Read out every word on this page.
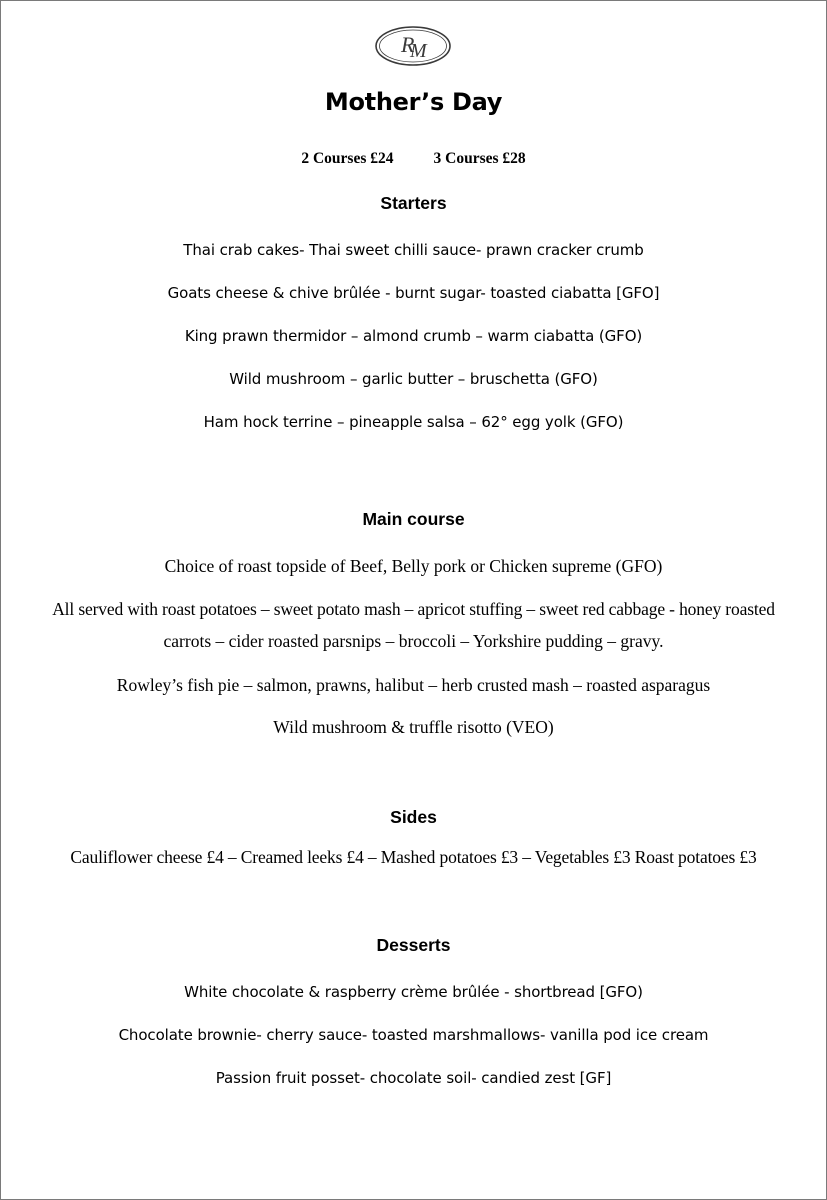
R
M
Mother’s Day
2 Courses £24	3 Courses £28
Starters
Thai crab cakes- Thai sweet chilli sauce- prawn cracker crumb
Goats cheese & chive brûlée - burnt sugar- toasted ciabatta [GFO]
King prawn thermidor – almond crumb – warm ciabatta (GFO)
Wild mushroom – garlic butter – bruschetta (GFO)
Ham hock terrine – pineapple salsa – 62° egg yolk (GFO)
Main course
Choice of roast topside of Beef, Belly pork or Chicken supreme (GFO)
All served with roast potatoes – sweet potato mash – apricot stuffing – sweet red cabbage - honey roasted
carrots – cider roasted parsnips – broccoli – Yorkshire pudding – gravy.
Rowley’s fish pie – salmon, prawns, halibut – herb crusted mash – roasted asparagus
Wild mushroom & truffle risotto (VEO)
Sides
Cauliflower cheese £4 – Creamed leeks £4 – Mashed potatoes £3 – Vegetables £3 Roast potatoes £3
Desserts
White chocolate & raspberry crème brûlée - shortbread [GFO)
Chocolate brownie- cherry sauce- toasted marshmallows- vanilla pod ice cream
Passion fruit posset- chocolate soil- candied zest [GF]
